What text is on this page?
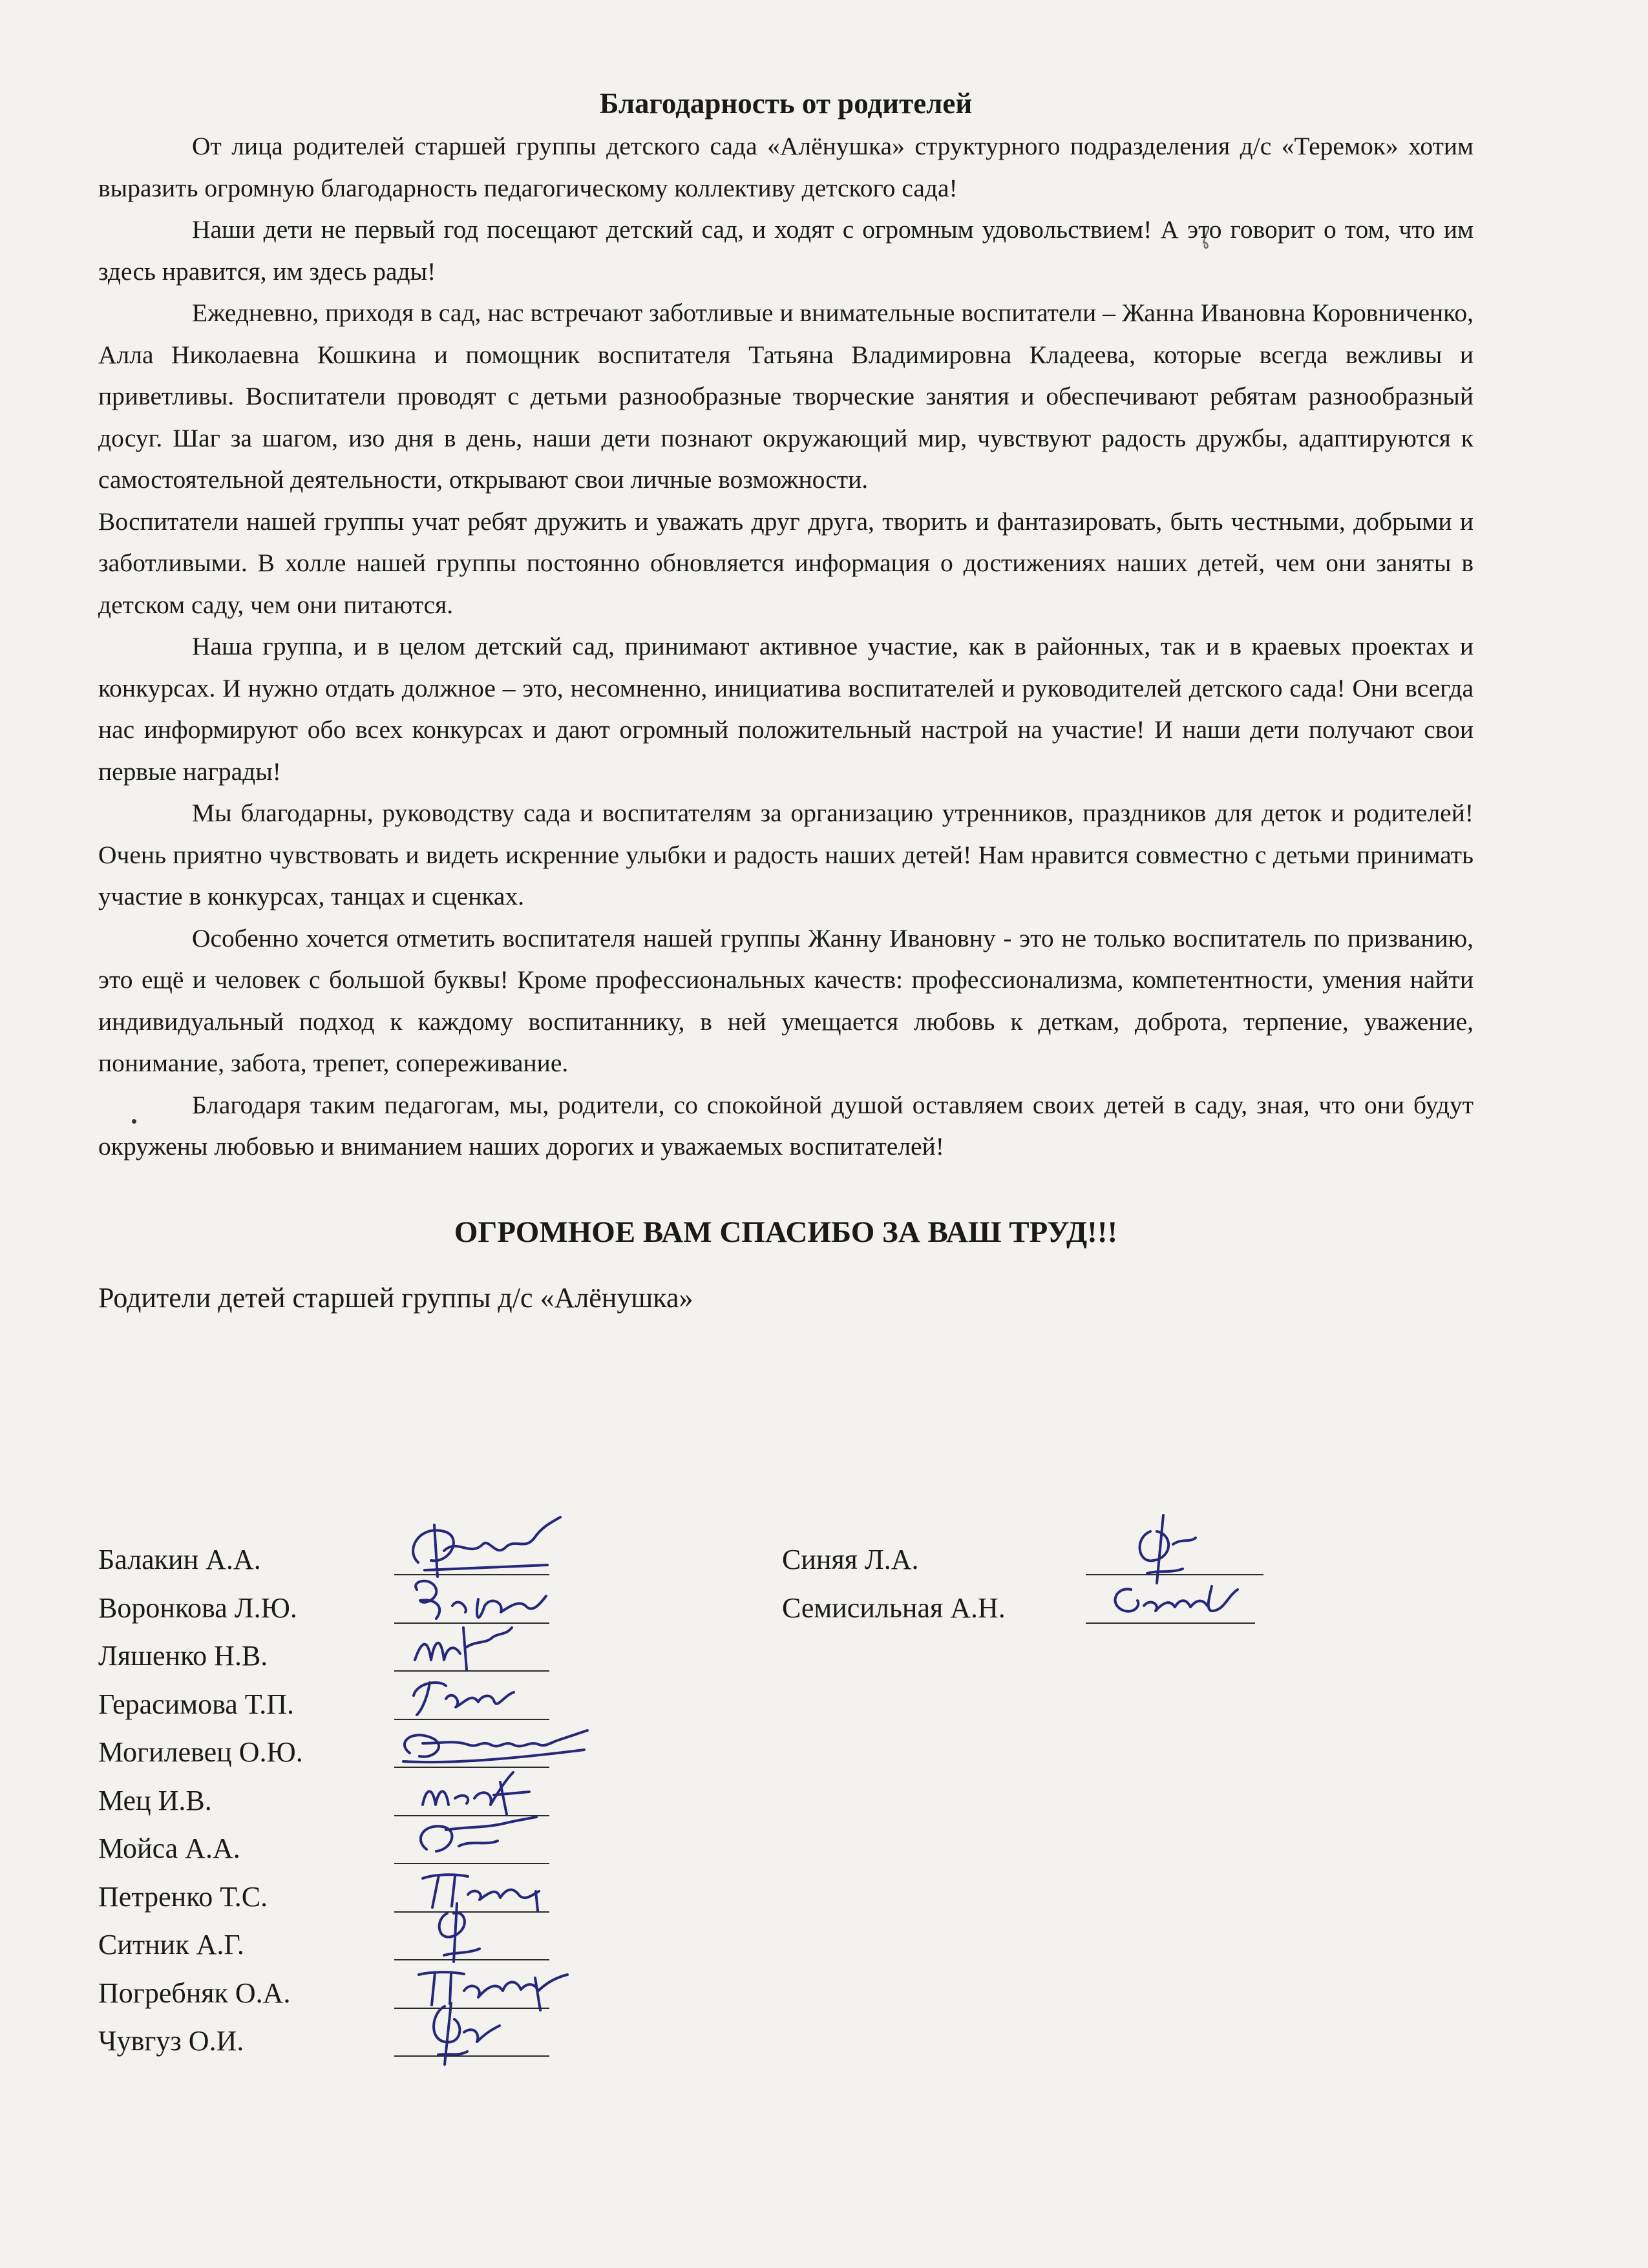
Благодарность от родителей

От лица родителей старшей группы детского сада «Алёнушка» структурного подразделения д/с «Теремок» хотим выразить огромную благодарность педагогическому коллективу детского сада!

Наши дети не первый год посещают детский сад, и ходят с огромным удовольствием! А это говорит о том, что им здесь нравится, им здесь рады!

Ежедневно, приходя в сад, нас встречают заботливые и внимательные воспитатели – Жанна Ивановна Коровниченко, Алла Николаевна Кошкина и помощник воспитателя Татьяна Владимировна Кладеева, которые всегда вежливы и приветливы. Воспитатели проводят с детьми разнообразные творческие занятия и обеспечивают ребятам разнообразный досуг. Шаг за шагом, изо дня в день, наши дети познают окружающий мир, чувствуют радость дружбы, адаптируются к самостоятельной деятельности, открывают свои личные возможности.

Воспитатели нашей группы учат ребят дружить и уважать друг друга, творить и фантазировать, быть честными, добрыми и заботливыми. В холле нашей группы постоянно обновляется информация о достижениях наших детей, чем они заняты в детском саду, чем они питаются.

Наша группа, и в целом детский сад, принимают активное участие, как в районных, так и в краевых проектах и конкурсах. И нужно отдать должное – это, несомненно, инициатива воспитателей и руководителей детского сада! Они всегда нас информируют обо всех конкурсах и дают огромный положительный настрой на участие! И наши дети получают свои первые награды!

Мы благодарны, руководству сада и воспитателям за организацию утренников, праздников для деток и родителей! Очень приятно чувствовать и видеть искренние улыбки и радость наших детей! Нам нравится совместно с детьми принимать участие в конкурсах, танцах и сценках.

Особенно хочется отметить воспитателя нашей группы Жанну Ивановну - это не только воспитатель по призванию, это ещё и человек с большой буквы! Кроме профессиональных качеств: профессионализма, компетентности, умения найти индивидуальный подход к каждому воспитаннику, в ней умещается любовь к деткам, доброта, терпение, уважение, понимание, забота, трепет, сопереживание.

Благодаря таким педагогам, мы, родители, со спокойной душой оставляем своих детей в саду, зная, что они будут окружены любовью и вниманием наших дорогих и уважаемых воспитателей!

ОГРОМНОЕ ВАМ СПАСИБО ЗА ВАШ ТРУД!!!
Родители детей старшей группы д/с «Алёнушка»
Балакин А.А.
Воронкова Л.Ю.
Ляшенко Н.В.
Герасимова Т.П.
Могилевец О.Ю.
Мец И.В.
Мойса А.А.
Петренко Т.С.
Ситник А.Г.
Погребняк О.А.
Чувгуз О.И.
Синяя Л.А.
Семисильная А.Н.
